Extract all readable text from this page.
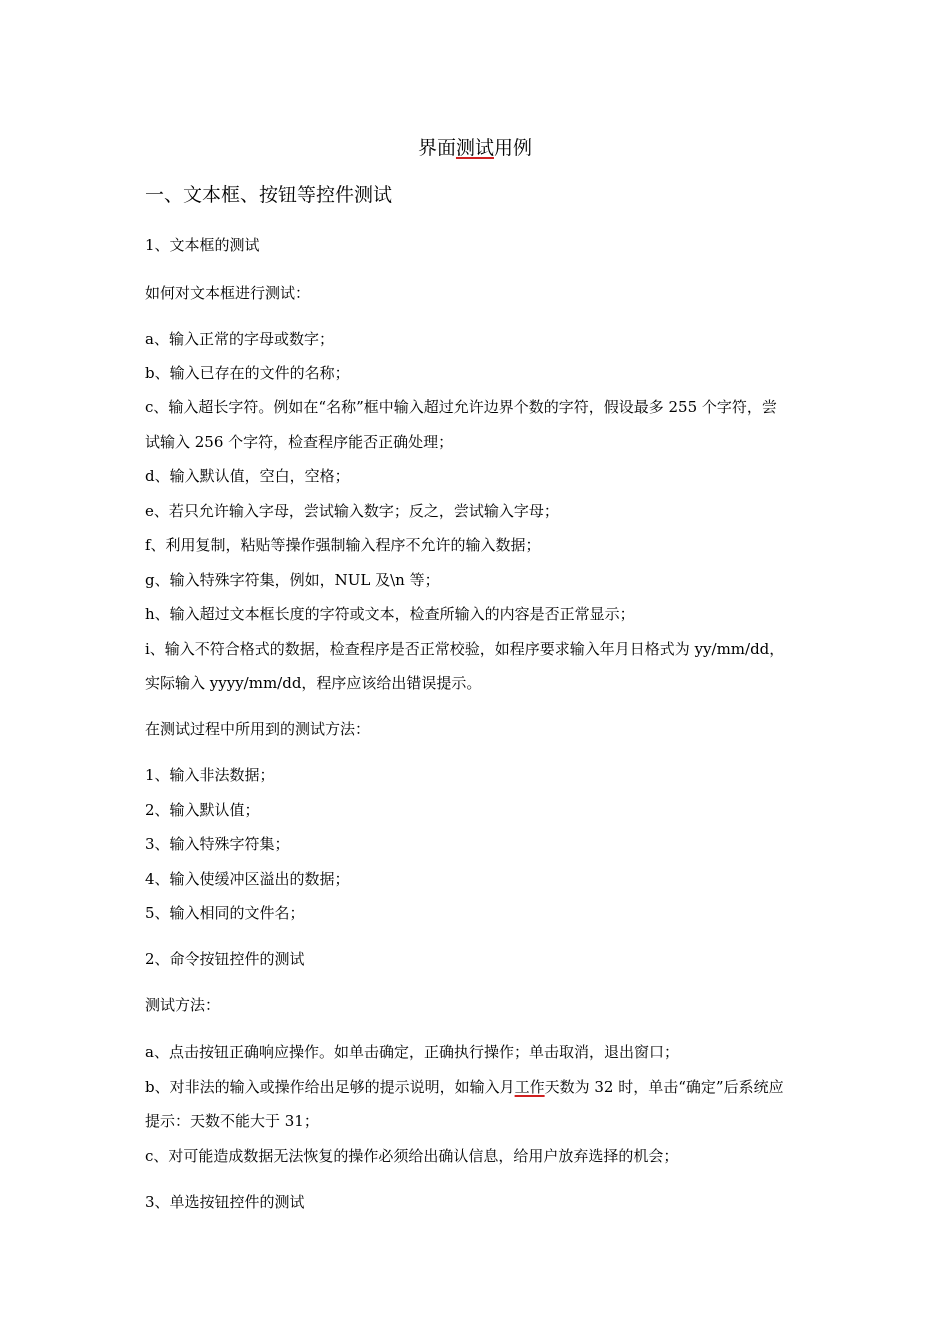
界面测试用例
一、文本框、按钮等控件测试
1、文本框的测试
如何对文本框进行测试：
a、输入正常的字母或数字；
b、输入已存在的文件的名称；
c、输入超长字符。例如在“名称”框中输入超过允许边界个数的字符，假设最多 255 个字符，尝
试输入 256 个字符，检查程序能否正确处理；
d、输入默认值，空白，空格；
e、若只允许输入字母，尝试输入数字；反之，尝试输入字母；
f、利用复制，粘贴等操作强制输入程序不允许的输入数据；
g、输入特殊字符集，例如，NUL 及\n 等；
h、输入超过文本框长度的字符或文本，检查所输入的内容是否正常显示；
i、输入不符合格式的数据，检查程序是否正常校验，如程序要求输入年月日格式为 yy/mm/dd，
实际输入 yyyy/mm/dd，程序应该给出错误提示。
在测试过程中所用到的测试方法：
1、输入非法数据；
2、输入默认值；
3、输入特殊字符集；
4、输入使缓冲区溢出的数据；
5、输入相同的文件名；
2、命令按钮控件的测试
测试方法：
a、点击按钮正确响应操作。如单击确定，正确执行操作；单击取消，退出窗口；
b、对非法的输入或操作给出足够的提示说明，如输入月工作天数为 32 时，单击“确定”后系统应
提示：天数不能大于 31；
c、对可能造成数据无法恢复的操作必须给出确认信息，给用户放弃选择的机会；
3、单选按钮控件的测试
